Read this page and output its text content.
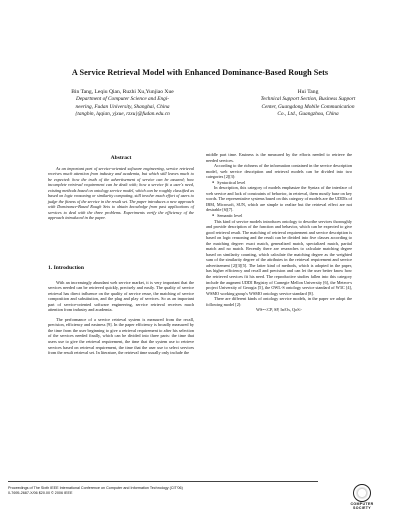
A Service Retrieval Model with Enhanced Dominance-Based Rough Sets
Bin Tang, Leqiu Qian, Ruzhi Xu,Yunjiao Xue
Department of Computer Science and Engi-
neering, Fudan University, Shanghai, China
{tangbin, lqqian, yjxue, rzxu}@fudan.edu.cn
Hui Tang
Technical Support Section, Business Support
Center, Guangdong Mobile Communication
Co., Ltd., Guangzhou, China
Abstract

As an important part of service-oriented software engineering, service retrieval receives much attention from industry and academia, but which still leaves much to be expected: how the truth of the advertisement of service can be assured; how incomplete retrieval requirement can be dealt with; how a service fit a user's need, existing methods based on ontology service model, which can be roughly classified as based on logic reasoning or similarity computing, still involve much effort of users to judge the fitness of the service in the result set. The paper introduces a new approach with Dominance-Based Rough Sets to obtain knowledge from past applications of services to deal with the three problems. Experiments verify the efficiency of the approach introduced in the paper.

1. Introduction

With an increasingly abundant web service market, it is very important that the services needed can be retrieved quickly, precisely and easily. The quality of service retrieval has direct influence on the quality of service reuse, the matching of service composition and substitution, and the plug and play of services. So as an important part of service-oriented software engineering, service retrieval receives much attention from industry and academia.

The performance of a service retrieval system is measured from the recall, precision, efficiency and easiness [9]. In the paper efficiency is broadly measured by the time from the user beginning to give a retrieval requirement to after his selection of the services needed finally, which can be divided into three parts: the time that users use to give the retrieval requirement, the time that the system use to retrieve services based on retrieval requirement, the time that the user use to select services from the result retrieval set. In literature, the retrieval time usually only include the

middle part time. Easiness is the measured by the efforts needed to retrieve the needed services.

According to the richness of the information contained in the service description model, web service description and retrieval models can be divided into two categories [2][3]:

● Syntactical level

In description, this category of models emphasize the Syntax of the interface of web service and lack of constraints of behavior, in retrieval, them mostly base on key words. The representative systems based on this category of models are the UDDIs of IBM, Microsoft, SUN, which are simple to realize but the retrieval effect are not desirable [6][7].

● Semantic level

This kind of service models introduces ontology to describe services thoroughly and provide description of the function and behavior, which can be expected to give good retrieval result. The matching of retrieval requirement and service description is based on logic reasoning and the result can be divided into five classes according to the matching degree: exact match, generalized match, specialized match, partial match and no match. Recently there are researches to calculate matching degree based on similarity counting, which calculate the matching degree as the weighted sum of the similarity degree of the attributes in the retrieval requirement and service advertisement [2][3][5]. The latter kind of methods, which is adopted in the paper, has higher efficiency and recall and precision and can let the user better know how the retrieved services fit his need. The reproductive studies fallen into this category include the augment UDDI Registry of Carnegie Mellon University [6], the Meteor-s project University of Georgia [5], the OWL-S ontology service standard of W3C [4], WSMO working group's WSMO ontology service standard [8].

There are different kinds of ontology service models, in the paper we adopt the following model [2]:

WS=<CP, SP, In/Os, QoS>

Proceedings of The Sixth IEEE International Conference on Computer and Information Technology (CIT'06)
0-7695-2687-X/06 $20.00 © 2006 IEEE
COMPUTER
SOCIETY
